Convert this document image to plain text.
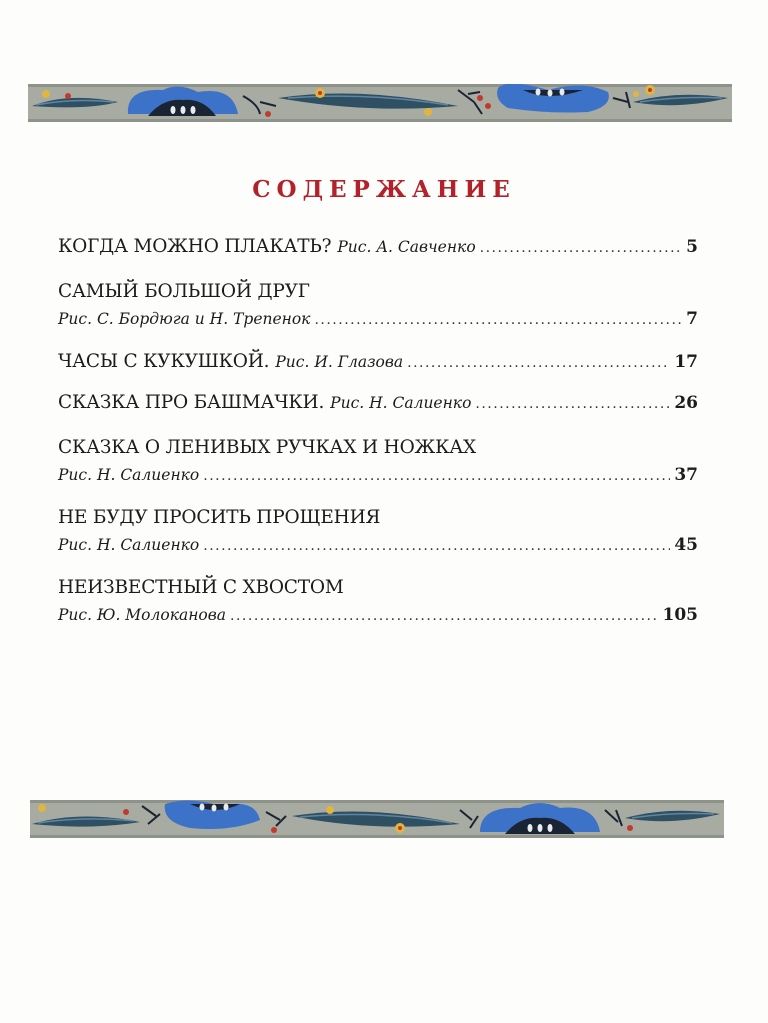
СОДЕРЖАНИЕ
КОГДА МОЖНО ПЛАКАТЬ? Рис. А. Савченко .....	5
САМЫЙ БОЛЬШОЙ ДРУГ
Рис. С. Бордюга и Н. Трепенок .....	7
ЧАСЫ С КУКУШКОЙ. Рис. И. Глазова .....	17
СКАЗКА ПРО БАШМАЧКИ. Рис. Н. Салиенко .....	26
СКАЗКА О ЛЕНИВЫХ РУЧКАХ И НОЖКАХ
Рис. Н. Салиенко .....	37
НЕ БУДУ ПРОСИТЬ ПРОЩЕНИЯ
Рис. Н. Салиенко .....	45
НЕИЗВЕСТНЫЙ С ХВОСТОМ
Рис. Ю. Молоканова .....	105
